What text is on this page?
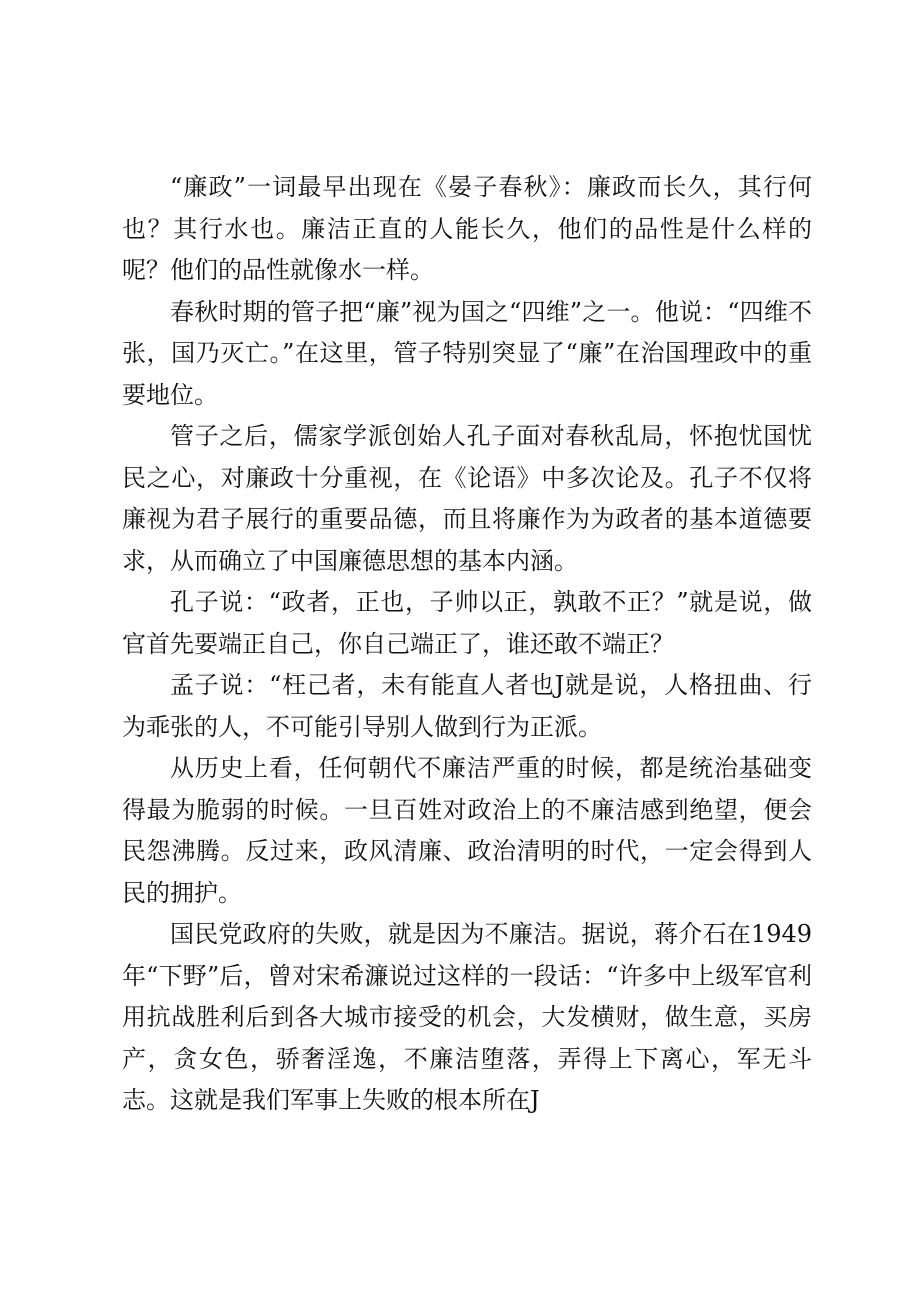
“廉政”一词最早出现在《晏子春秋》：廉政而长久，其行何也？其行水也。廉洁正直的人能长久，他们的品性是什么样的呢？他们的品性就像水一样。

春秋时期的管子把“廉”视为国之“四维”之一。他说：“四维不张，国乃灭亡。”在这里，管子特别突显了“廉”在治国理政中的重要地位。

管子之后，儒家学派创始人孔子面对春秋乱局，怀抱忧国忧民之心，对廉政十分重视，在《论语》中多次论及。孔子不仅将廉视为君子展行的重要品德，而且将廉作为为政者的基本道德要求，从而确立了中国廉德思想的基本内涵。

孔子说：“政者，正也，子帅以正，孰敢不正？”就是说，做官首先要端正自己，你自己端正了，谁还敢不端正？

孟子说：“枉己者，未有能直人者也J就是说，人格扭曲、行为乖张的人，不可能引导别人做到行为正派。

从历史上看，任何朝代不廉洁严重的时候，都是统治基础变得最为脆弱的时候。一旦百姓对政治上的不廉洁感到绝望，便会民怨沸腾。反过来，政风清廉、政治清明的时代，一定会得到人民的拥护。

国民党政府的失败，就是因为不廉洁。据说，蒋介石在1949年“下野”后，曾对宋希濂说过这样的一段话：“许多中上级军官利用抗战胜利后到各大城市接受的机会，大发横财，做生意，买房产，贪女色，骄奢淫逸，不廉洁堕落，弄得上下离心，军无斗志。这就是我们军事上失败的根本所在J
